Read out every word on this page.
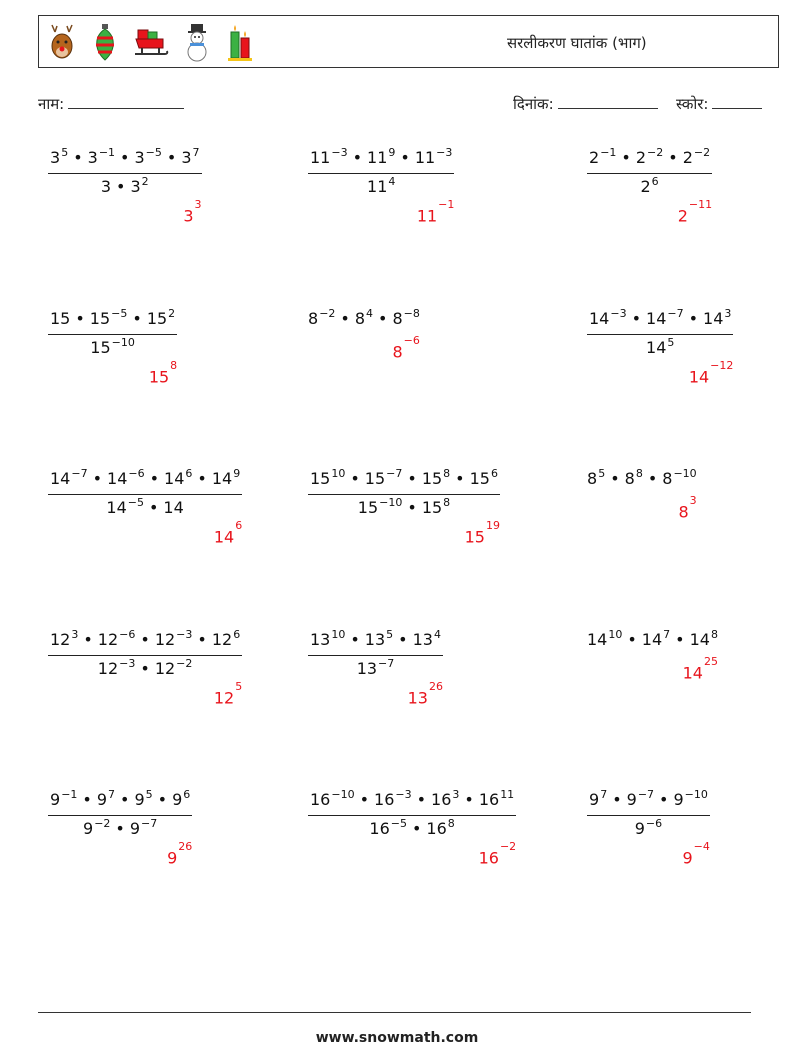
सरलीकरण घातांक (भाग)
नाम:	दिनांक:	स्कोर:
$\frac{3^5 • 3^{-1} • 3^{-5} • 3^7}{3 • 3^2}$
$3^3$
$\frac{11^{-3} • 11^9 • 11^{-3}}{11^4}$
$11^{-1}$
$\frac{2^{-1} • 2^{-2} • 2^{-2}}{2^6}$
$2^{-11}$
$\frac{15 • 15^{-5} • 15^2}{15^{-10}}$
$15^8$
$8^{-2}$ • $8^4$ • $8^{-8}$
$8^{-6}$	$\frac{14^{-3} • 14^{-7} • 14^3}{14^5}$
$14^{-12}$
$\frac{14^{-7} • 14^{-6} • 14^6 • 14^9}{14^{-5} • 14}$
$14^6$
$\frac{15^{10} • 15^{-7} • 15^8 • 15^6}{15^{-10} • 15^8}$
$15^{19}$
$8^5$ • $8^8$ • $8^{-10}$
$8^3$
$\frac{12^3 • 12^{-6} • 12^{-3} • 12^6}{12^{-3} • 12^{-2}}$
$12^5$
$\frac{13^{10} • 13^5 • 13^4}{13^{-7}}$
$13^{26}$
$14^{10}$ • $14^7$ • $14^8$
$14^{25}$
$\frac{9^{-1} • 9^7 • 9^5 • 9^6}{9^{-2} • 9^{-7}}$
$9^{26}$
$\frac{16^{-10} • 16^{-3} • 16^3 • 16^{11}}{16^{-5} • 16^8}$
$16^{-2}$
$\frac{9^7 • 9^{-7} • 9^{-10}}{9^{-6}}$
$9^{-4}$
www.snowmath.com
